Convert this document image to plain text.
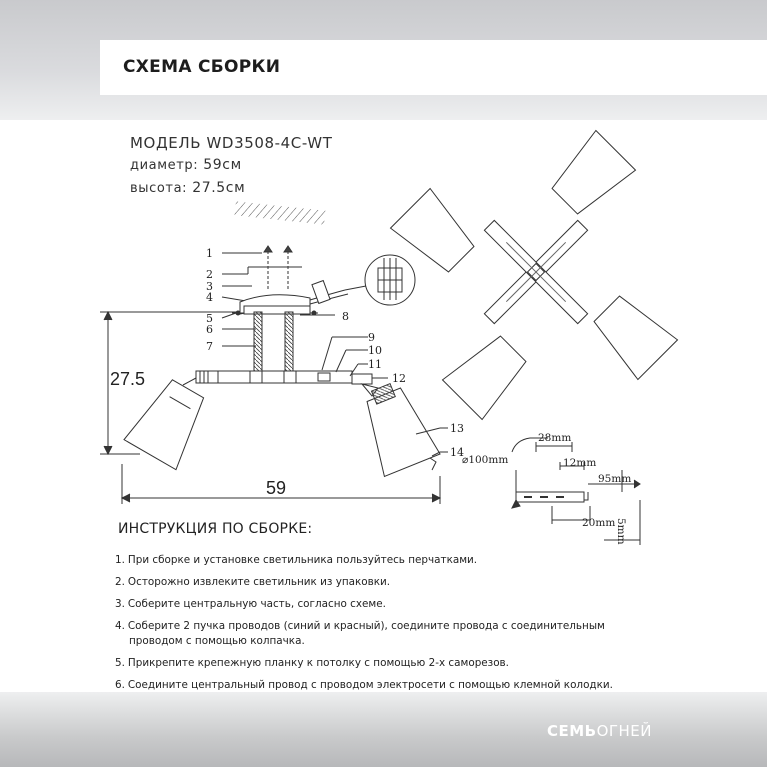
СХЕМА СБОРКИ
МОДЕЛЬ WD3508-4C-WT
диаметр: 59см
высота: 27.5см
1
2
3
4
5
6
7
8
9
10
11
12
13
14
27.5
59
⌀100mm
28mm
12mm
95mm
20mm 5mm
ИНСТРУКЦИЯ ПО СБОРКЕ:
1. При сборке и установке светильника пользуйтесь перчатками.
2. Осторожно извлеките светильник из упаковки.
3. Соберите центральную часть, согласно схеме.
4. Соберите 2 пучка проводов (синий и красный), соедините провода с соединительным
проводом с помощью колпачка.
5. Прикрепите крепежную планку к потолку с помощью 2-х саморезов.
6. Соедините центральный провод с проводом электросети с помощью клемной колодки.
СЕМЬОГНЕЙ
